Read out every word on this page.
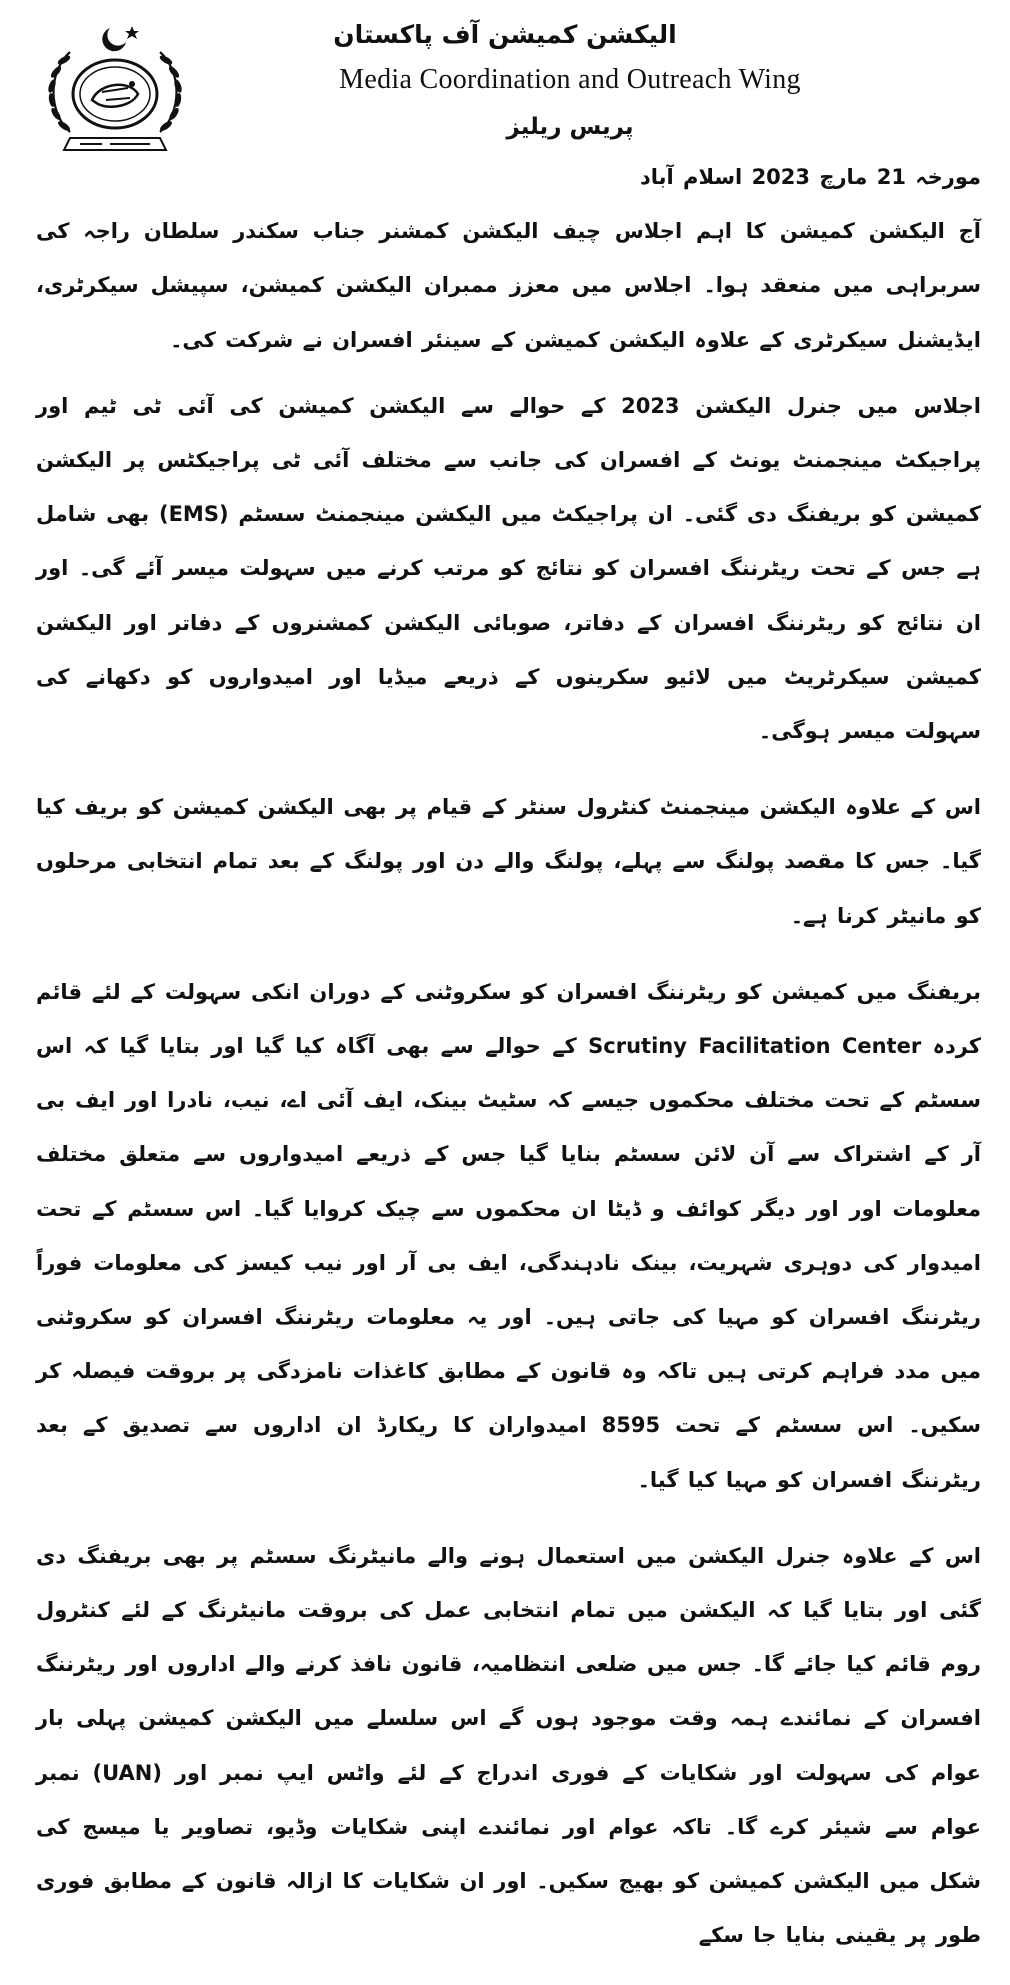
الیکشن کمیشن آف پاکستان
Media Coordination and Outreach Wing
پریس ریلیز
مورخہ 21 مارچ 2023 اسلام آباد

آج الیکشن کمیشن کا اہم اجلاس چیف الیکشن کمشنر جناب سکندر سلطان راجہ کی سربراہی میں منعقد ہوا۔ اجلاس میں معزز ممبران الیکشن کمیشن، سپیشل سیکرٹری، ایڈیشنل سیکرٹری کے علاوہ الیکشن کمیشن کے سینئر افسران نے شرکت کی۔

اجلاس میں جنرل الیکشن 2023 کے حوالے سے الیکشن کمیشن کی آئی ٹی ٹیم اور پراجیکٹ مینجمنٹ یونٹ کے افسران کی جانب سے مختلف آئی ٹی پراجیکٹس پر الیکشن کمیشن کو بریفنگ دی گئی۔ ان پراجیکٹ میں الیکشن مینجمنٹ سسٹم (EMS) بھی شامل ہے جس کے تحت ریٹرننگ افسران کو نتائج کو مرتب کرنے میں سہولت میسر آئے گی۔ اور ان نتائج کو ریٹرننگ افسران کے دفاتر، صوبائی الیکشن کمشنروں کے دفاتر اور الیکشن کمیشن سیکرٹریٹ میں لائیو سکرینوں کے ذریعے میڈیا اور امیدواروں کو دکھانے کی سہولت میسر ہوگی۔

اس کے علاوہ الیکشن مینجمنٹ کنٹرول سنٹر کے قیام پر بھی الیکشن کمیشن کو بریف کیا گیا۔ جس کا مقصد پولنگ سے پہلے، پولنگ والے دن اور پولنگ کے بعد تمام انتخابی مرحلوں کو مانیٹر کرنا ہے۔

بریفنگ میں کمیشن کو ریٹرننگ افسران کو سکروٹنی کے دوران انکی سہولت کے لئے قائم کردہ Scrutiny Facilitation Center کے حوالے سے بھی آگاہ کیا گیا اور بتایا گیا کہ اس سسٹم کے تحت مختلف محکموں جیسے کہ سٹیٹ بینک، ایف آئی اے، نیب، نادرا اور ایف بی آر کے اشتراک سے آن لائن سسٹم بنایا گیا جس کے ذریعے امیدواروں سے متعلق مختلف معلومات اور اور دیگر کوائف و ڈیٹا ان محکموں سے چیک کروایا گیا۔ اس سسٹم کے تحت امیدوار کی دوہری شہریت، بینک نادہندگی، ایف بی آر اور نیب کیسز کی معلومات فوراً ریٹرننگ افسران کو مہیا کی جاتی ہیں۔ اور یہ معلومات ریٹرننگ افسران کو سکروٹنی میں مدد فراہم کرتی ہیں تاکہ وہ قانون کے مطابق کاغذات نامزدگی پر بروقت فیصلہ کر سکیں۔ اس سسٹم کے تحت 8595 امیدواران کا ریکارڈ ان اداروں سے تصدیق کے بعد ریٹرننگ افسران کو مہیا کیا گیا۔

اس کے علاوہ جنرل الیکشن میں استعمال ہونے والے مانیٹرنگ سسٹم پر بھی بریفنگ دی گئی اور بتایا گیا کہ الیکشن میں تمام انتخابی عمل کی بروقت مانیٹرنگ کے لئے کنٹرول روم قائم کیا جائے گا۔ جس میں ضلعی انتظامیہ، قانون نافذ کرنے والے اداروں اور ریٹرننگ افسران کے نمائندے ہمہ وقت موجود ہوں گے اس سلسلے میں الیکشن کمیشن پہلی بار عوام کی سہولت اور شکایات کے فوری اندراج کے لئے واٹس ایپ نمبر اور (UAN) نمبر عوام سے شیئر کرے گا۔ تاکہ عوام اور نمائندے اپنی شکایات وڈیو، تصاویر یا میسج کی شکل میں الیکشن کمیشن کو بھیج سکیں۔ اور ان شکایات کا ازالہ قانون کے مطابق فوری طور پر یقینی بنایا جا سکے
